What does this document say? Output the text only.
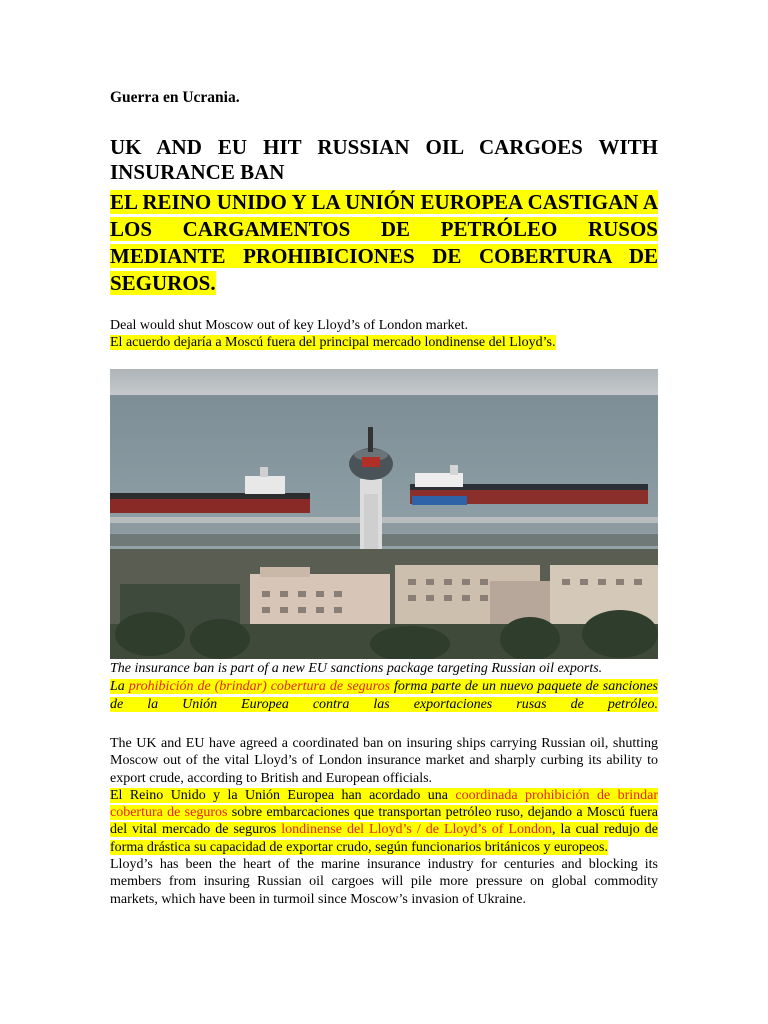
Guerra en Ucrania.
UK AND EU HIT RUSSIAN OIL CARGOES WITH INSURANCE BAN
EL REINO UNIDO Y LA UNIÓN EUROPEA CASTIGAN A LOS CARGAMENTOS DE PETRÓLEO RUSOS MEDIANTE PROHIBICIONES DE COBERTURA DE SEGUROS.
Deal would shut Moscow out of key Lloyd’s of London market.
El acuerdo dejaría a Moscú fuera del principal mercado londinense del Lloyd’s.
The insurance ban is part of a new EU sanctions package targeting Russian oil exports.
La prohibición de (brindar) cobertura de seguros forma parte de un nuevo paquete de sanciones de la Unión Europea contra las exportaciones rusas de petróleo.

The UK and EU have agreed a coordinated ban on insuring ships carrying Russian oil, shutting Moscow out of the vital Lloyd’s of London insurance market and sharply curbing its ability to export crude, according to British and European officials.

El Reino Unido y la Unión Europea han acordado una coordinada prohibición de brindar cobertura de seguros sobre embarcaciones que transportan petróleo ruso, dejando a Moscú fuera del vital mercado de seguros londinense del Lloyd’s / de Lloyd’s of London, la cual redujo de forma drástica su capacidad de exportar crudo, según funcionarios británicos y europeos.

Lloyd’s has been the heart of the marine insurance industry for centuries and blocking its members from insuring Russian oil cargoes will pile more pressure on global commodity markets, which have been in turmoil since Moscow’s invasion of Ukraine.
